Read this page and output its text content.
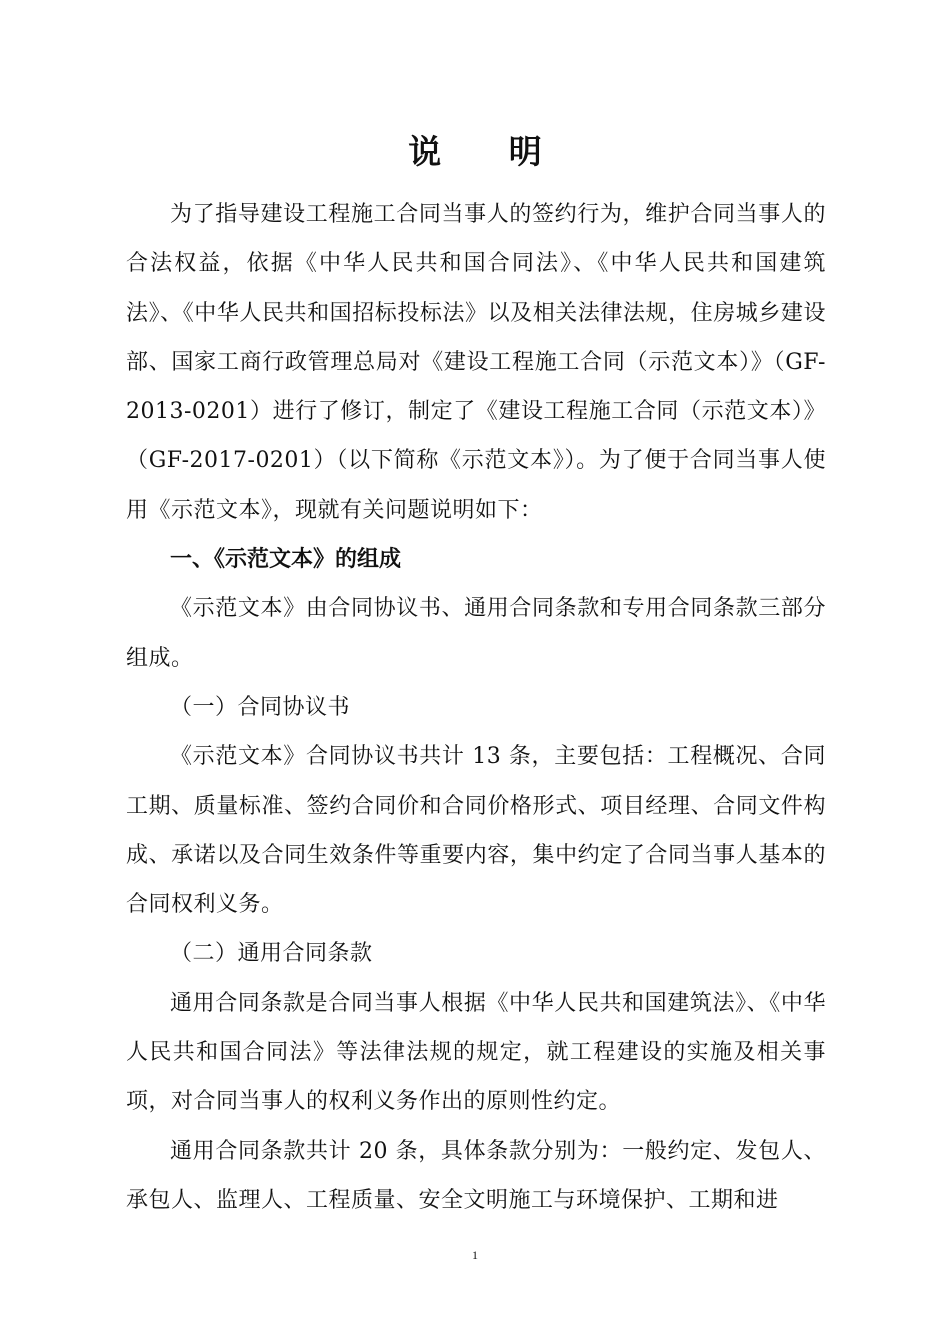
说 明

为了指导建设工程施工合同当事人的签约行为，维护合同当事人的合法权益，依据《中华人民共和国合同法》、《中华人民共和国建筑法》、《中华人民共和国招标投标法》以及相关法律法规，住房城乡建设部、国家工商行政管理总局对《建设工程施工合同（示范文本）》（GF-2013-0201）进行了修订，制定了《建设工程施工合同（示范文本）》（GF-2017-0201）（以下简称《示范文本》）。为了便于合同当事人使用《示范文本》，现就有关问题说明如下：

一、《示范文本》的组成

《示范文本》由合同协议书、通用合同条款和专用合同条款三部分组成。

（一）合同协议书

《示范文本》合同协议书共计 13 条，主要包括：工程概况、合同工期、质量标准、签约合同价和合同价格形式、项目经理、合同文件构成、承诺以及合同生效条件等重要内容，集中约定了合同当事人基本的合同权利义务。

（二）通用合同条款

通用合同条款是合同当事人根据《中华人民共和国建筑法》、《中华人民共和国合同法》等法律法规的规定，就工程建设的实施及相关事项，对合同当事人的权利义务作出的原则性约定。

通用合同条款共计 20 条，具体条款分别为：一般约定、发包人、承包人、监理人、工程质量、安全文明施工与环境保护、工期和进

1
